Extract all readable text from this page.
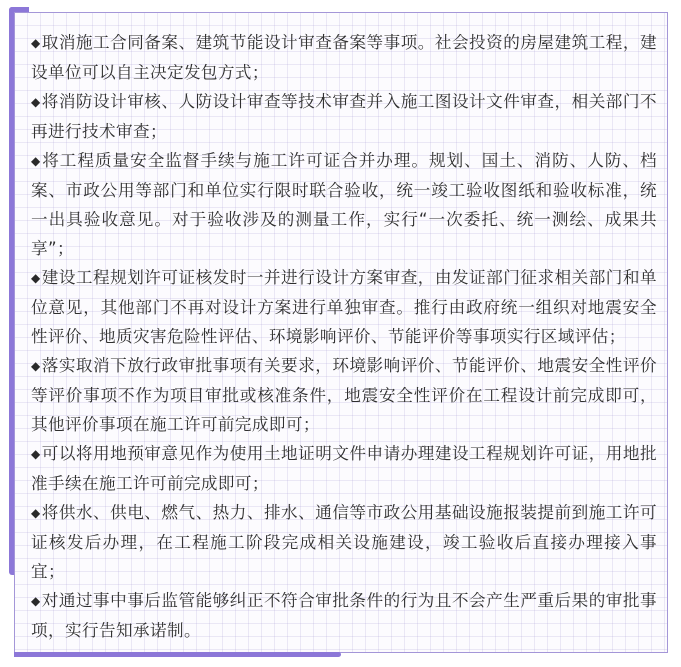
◆取消施工合同备案、建筑节能设计审查备案等事项。社会投资的房屋建筑工程，建设单位可以自主决定发包方式；

◆将消防设计审核、人防设计审查等技术审查并入施工图设计文件审查，相关部门不再进行技术审查；

◆将工程质量安全监督手续与施工许可证合并办理。规划、国土、消防、人防、档案、市政公用等部门和单位实行限时联合验收，统一竣工验收图纸和验收标准，统一出具验收意见。对于验收涉及的测量工作，实行“一次委托、统一测绘、成果共享”；

◆建设工程规划许可证核发时一并进行设计方案审查，由发证部门征求相关部门和单位意见，其他部门不再对设计方案进行单独审查。推行由政府统一组织对地震安全性评价、地质灾害危险性评估、环境影响评价、节能评价等事项实行区域评估；

◆落实取消下放行政审批事项有关要求，环境影响评价、节能评价、地震安全性评价等评价事项不作为项目审批或核准条件，地震安全性评价在工程设计前完成即可，其他评价事项在施工许可前完成即可；

◆可以将用地预审意见作为使用土地证明文件申请办理建设工程规划许可证，用地批准手续在施工许可前完成即可；

◆将供水、供电、燃气、热力、排水、通信等市政公用基础设施报装提前到施工许可证核发后办理，在工程施工阶段完成相关设施建设，竣工验收后直接办理接入事宜；

◆对通过事中事后监管能够纠正不符合审批条件的行为且不会产生严重后果的审批事项，实行告知承诺制。
